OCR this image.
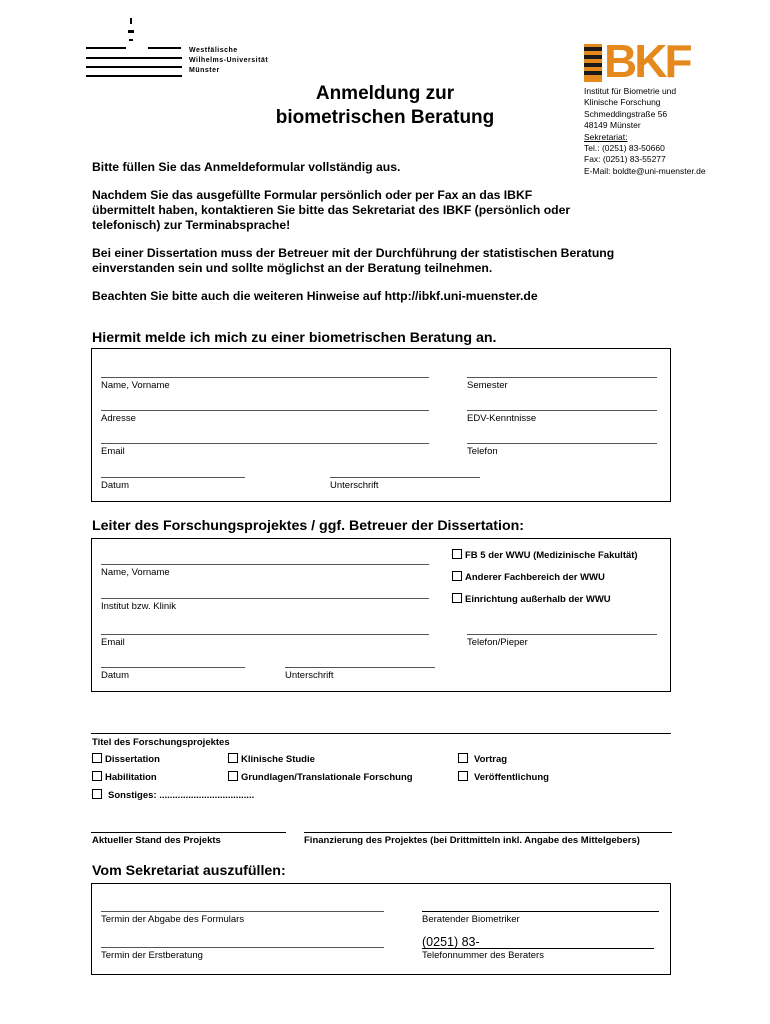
Westfälische
Wilhelms-Universität
Münster	BKF
Institut für Biometrie und
Klinische Forschung
Schmeddingstraße 56
48149 Münster
Sekretariat:
Tel.: (0251) 83-50660
Fax: (0251) 83-55277
E-Mail: boldte@uni-muenster.de
Anmeldung zur
biometrischen Beratung
Bitte füllen Sie das Anmeldeformular vollständig aus.
Nachdem Sie das ausgefüllte Formular persönlich oder per Fax an das IBKF übermittelt haben, kontaktieren Sie bitte das Sekretariat des IBKF (persönlich oder telefonisch) zur Terminabsprache!
Bei einer Dissertation muss der Betreuer mit der Durchführung der statistischen Beratung einverstanden sein und sollte möglichst an der Beratung teilnehmen.
Beachten Sie bitte auch die weiteren Hinweise auf http://ibkf.uni-muenster.de
Hiermit melde ich mich zu einer biometrischen Beratung an.
Name, Vorname	Semester
Adresse	EDV-Kenntnisse
Email	Telefon
Datum	Unterschrift
Leiter des Forschungsprojektes / ggf. Betreuer der Dissertation:
Name, Vorname
FB 5 der WWU (Medizinische Fakultät)
Anderer Fachbereich der WWU
Einrichtung außerhalb der WWU
Institut bzw. Klinik
Email	Telefon/Pieper
Datum	Unterschrift
Titel des Forschungsprojektes
Dissertation	Klinische Studie	Vortrag
Habilitation	Grundlagen/Translationale Forschung	Veröffentlichung
Sonstiges: ....................................
Aktueller Stand des Projekts	Finanzierung des Projektes (bei Drittmitteln inkl. Angabe des Mittelgebers)
Vom Sekretariat auszufüllen:
Termin der Abgabe des Formulars	Beratender Biometriker
(0251) 83-
Termin der Erstberatung	Telefonnummer des Beraters
